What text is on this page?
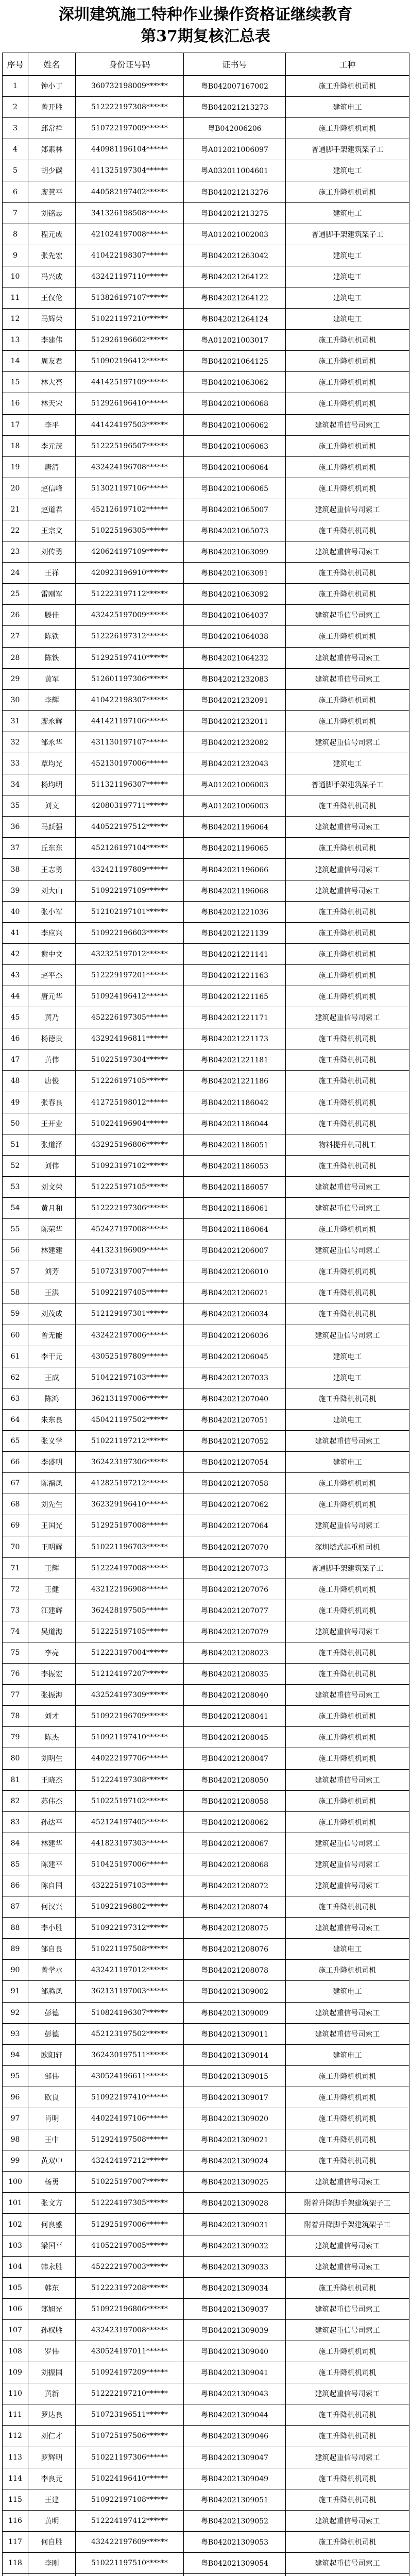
深圳建筑施工特种作业操作资格证继续教育
第37期复核汇总表
序号	姓名	身份证号码	证书号	工种
1	钟小丁	360732198009******	粤B042007167002	施工升降机机司机
2	曾开胜	512222197308******	粤B042021213273	建筑电工
3	邱常祥	510722197009******	粤B042006206	施工升降机机司机
4	郑素林	440981196104******	粤A012021006097	普通脚手架建筑架子工
5	胡少碳	411325197304******	粤A032011004601	建筑电工
6	廖慧平	440582197402******	粤B042021213276	施工升降机机司机
7	刘铭志	341326198508******	粤B042021213275	建筑电工
8	程元成	421024197008******	粤A012021002003	普通脚手架建筑架子工
9	张先宏	410422198307******	粤B042021263042	建筑电工
10	冯兴成	432421197110******	粤B042021264122	建筑电工
11	王仅伦	513826197107******	粤B042021264122	建筑电工
12	马辉荣	510221197210******	粤B042021264124	建筑电工
13	李建伟	512926196602******	粤A012021003017	施工升降机机司机
14	周友君	510902196412******	粤B042021064125	施工升降机机司机
15	林大亮	441425197109******	粤B042021063062	施工升降机机司机
16	林天宋	512926196410******	粤B042021006068	施工升降机机司机
17	李平	441424197503******	粤B042021006062	建筑起重信号司索工
18	李元茂	512225196507******	粤B042021006063	施工升降机机司机
19	唐清	432424196708******	粤B042021006064	施工升降机机司机
20	赵信峰	513021197106******	粤B042021006065	施工升降机机司机
21	赵道君	452126197102******	粤B042021065007	建筑起重信号司索工
22	王宗文	510225196305******	粤B042021065073	施工升降机机司机
23	刘传勇	420624197109******	粤B042021063099	建筑起重信号司索工
24	王祥	420923196910******	粤B042021063091	施工升降机机司机
25	雷刚军	512223197112******	粤B042021063092	施工升降机机司机
26	滕佳	432425197009******	粤B042021064037	建筑起重信号司索工
27	陈铁	512226197312******	粤B042021064038	施工升降机机司机
28	陈铁	512925197410******	粤B042021064232	建筑起重信号司索工
29	黄军	512601197306******	粤B042021232083	建筑起重信号司索工
30	李辉	410422198307******	粤B042021232091	施工升降机机司机
31	廖永辉	441421197106******	粤B042021232011	施工升降机机司机
32	邹永华	431130197107******	粤B042021232082	建筑起重信号司索工
33	覃均光	452130197006******	粤B042021232043	建筑电工
34	杨均明	511321196307******	粤A012021006003	普通脚手架建筑架子工
35	刘文	420803197711******	粤A012021006003	施工升降机机司机
36	马跃强	440522197512******	粤B042021196064	建筑起重信号司索工
37	丘东东	452126197104******	粤B042021196065	施工升降机机司机
38	王志勇	432421197809******	粤B042021196066	建筑起重信号司索工
39	刘大山	510922197109******	粤B042021196068	建筑起重信号司索工
40	张小军	512102197101******	粤B042021221036	施工升降机机司机
41	李应兴	510922196603******	粤B042021221139	施工升降机机司机
42	谢中文	432325197012******	粤B042021221141	施工升降机机司机
43	赵平杰	512229197201******	粤B042021221163	施工升降机机司机
44	唐元华	510924196412******	粤B042021221165	施工升降机机司机
45	黄乃	452226197305******	粤B042021221171	建筑起重信号司索工
46	杨德贵	432924196811******	粤B042021221173	施工升降机机司机
47	黄伟	510225197304******	粤B042021221181	施工升降机机司机
48	唐俊	512226197105******	粤B042021221186	施工升降机机司机
49	张春良	412725198012******	粤B042021186042	施工升降机机司机
50	王开业	510224196904******	粤B042021186044	施工升降机机司机
51	张道泽	432925196806******	粤B042021186051	物料提升机司机工
52	刘伟	510923197102******	粤B042021186053	施工升降机机司机
53	刘文荣	512225197105******	粤B042021186057	建筑起重信号司索工
54	黄月和	512222197306******	粤B042021186061	建筑起重信号司索工
55	陈荣华	452427197008******	粤B042021186064	施工升降机机司机
56	林建建	441323196909******	粤B042021206007	建筑起重信号司索工
57	刘芳	510723197007******	粤B042021206010	施工升降机机司机
58	王洪	510922197405******	粤B042021206021	施工升降机机司机
59	刘茂成	512129197301******	粤B042021206034	施工升降机机司机
60	曾无能	432422197006******	粤B042021206036	建筑起重信号司索工
61	李干元	430525197809******	粤B042021206045	建筑电工
62	王成	510422197103******	粤B042021207033	建筑电工
63	陈鸿	362131197006******	粤B042021207040	施工升降机机司机
64	朱东良	450421197502******	粤B042021207051	建筑电工
65	张义学	510221197212******	粤B042021207052	建筑起重信号司索工
66	李盛明	362423197306******	粤B042021207054	建筑电工
67	陈福凤	412825197212******	粤B042021207058	施工升降机机司机
68	刘先生	362329196410******	粤B042021207062	施工升降机机司机
69	王国光	512925197008******	粤B042021207064	建筑起重信号司索工
70	王明辉	510221196703******	粤B042021207070	深圳塔式起重机司机
71	王辉	512224197008******	粤B042021207073	普通脚手架建筑架子工
72	王健	432122196908******	粤B042021207076	施工升降机机司机
73	江建辉	362428197505******	粤B042021207077	施工升降机机司机
74	吴道海	512225197105******	粤B042021207079	建筑起重信号司索工
75	李亮	512223197004******	粤B042021208023	施工升降机机司机
76	李振宏	512124197207******	粤B042021208035	施工升降机机司机
77	张振海	432524197309******	粤B042021208040	建筑起重信号司索工
78	刘才	510922196709******	粤B042021208041	施工升降机机司机
79	陈杰	510921197410******	粤B042021208045	施工升降机机司机
80	刘明生	440222197706******	粤B042021208047	施工升降机机司机
81	王晓杰	512224197308******	粤B042021208050	建筑起重信号司索工
82	苏伟杰	510225197102******	粤B042021208058	施工升降机机司机
83	孙达平	452124197405******	粤B042021208062	施工升降机机司机
84	林建华	441823197303******	粤B042021208067	建筑起重信号司索工
85	陈建平	510425197006******	粤B042021208068	建筑起重信号司索工
86	陈自国	432225197103******	粤B042021208072	建筑起重信号司索工
87	何汉兴	510922196802******	粤B042021208074	施工升降机机司机
88	李小胜	510922197312******	粤B042021208075	建筑起重信号司索工
89	邹自良	510221197508******	粤B042021208076	建筑电工
90	曾学水	432421197012******	粤B042021208078	施工升降机机司机
91	邹腾凤	362131197003******	粤B042021309002	建筑电工
92	彭德	510824196307******	粤B042021309009	建筑起重信号司索工
93	彭德	452123197502******	粤B042021309011	建筑起重信号司索工
94	欧阳轩	362430197511******	粤B042021309014	建筑电工
95	邹伟	430524196611******	粤B042021309015	施工升降机机司机
96	欧良	510922197410******	粤B042021309017	施工升降机机司机
97	肖明	440224197106******	粤B042021309020	施工升降机机司机
98	王中	512924197508******	粤B042021309021	施工升降机机司机
99	黄双中	432424197212******	粤B042021309024	施工升降机机司机
100	杨勇	510225197007******	粤B042021309025	建筑起重信号司索工
101	张文方	512224197305******	粤B042021309028	附着升降脚手架建筑架子工
102	何良盛	512925197006******	粤B042021309031	附着升降脚手架建筑架子工
103	梁国平	410522197005******	粤B042021309032	建筑起重信号司索工
104	韩永胜	452222197003******	粤B042021309033	建筑起重信号司索工
105	韩东	512223197208******	粤B042021309034	施工升降机机司机
106	郑旭光	510922196806******	粤B042021309037	建筑起重信号司索工
107	孙权胜	432423197008******	粤B042021309039	建筑起重信号司索工
108	罗伟	430524197011******	粤B042021309040	施工升降机机司机
109	刘振国	510924197209******	粤B042021309041	施工升降机机司机
110	黄新	512222197210******	粤B042021309043	建筑起重信号司索工
111	罗达良	510723196511******	粤B042021309044	施工升降机机司机
112	刘仁才	510725197506******	粤B042021309046	施工升降机机司机
113	罗辉明	510221197306******	粤B042021309047	建筑起重信号司索工
114	李良元	510224196410******	粤B042021309049	施工升降机机司机
115	王建	510922197108******	粤B042021309051	施工升降机机司机
116	黄明	512224197412******	粤B042021309052	建筑起重信号司索工
117	何自胜	432422197609******	粤B042021309053	施工升降机机司机
118	李刚	510221197510******	粤B042021309054	建筑起重信号司索工
